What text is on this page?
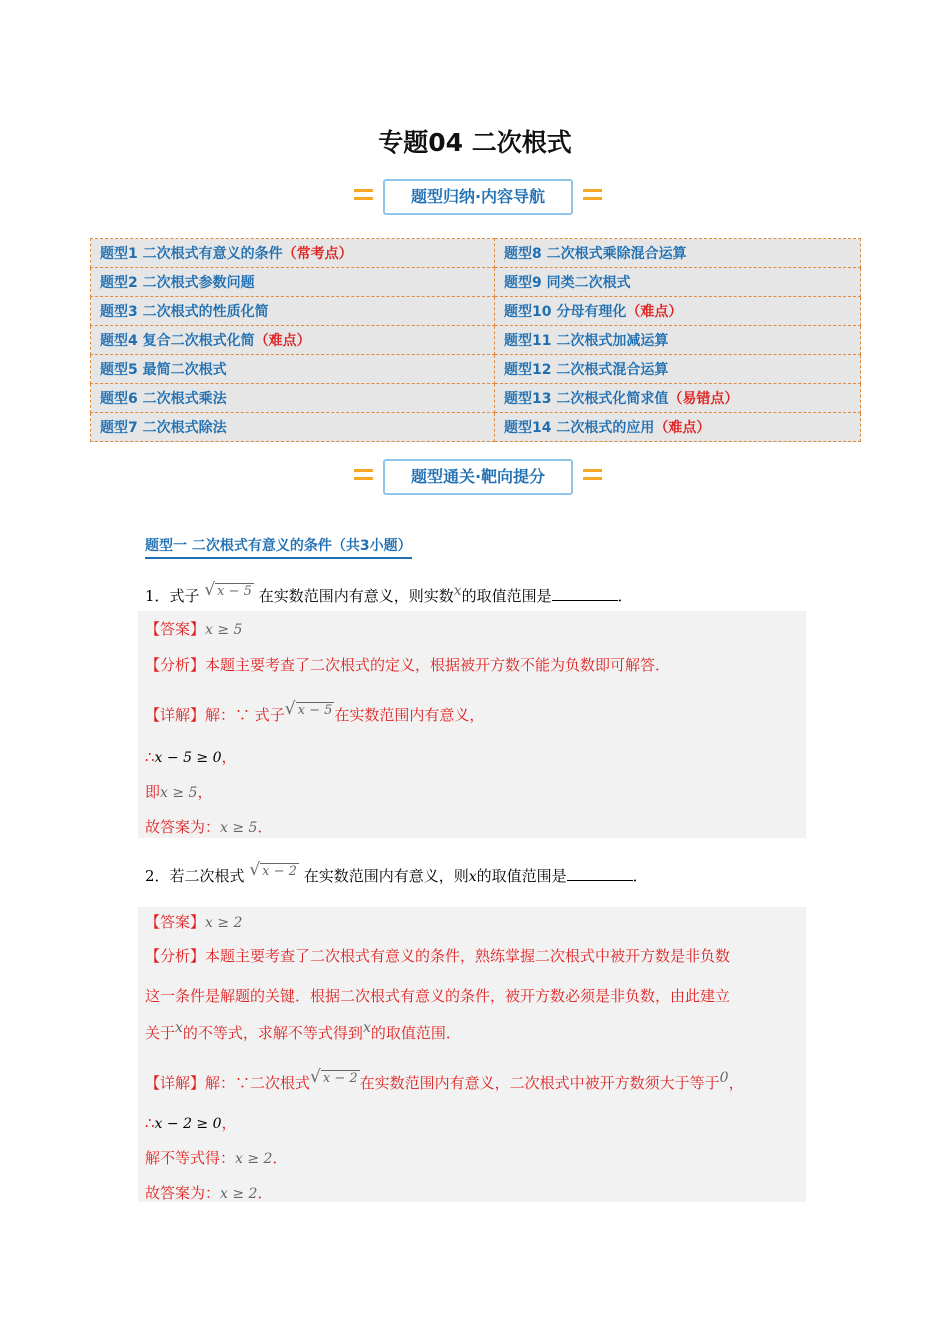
专题04 二次根式
题型归纳·内容导航
题型1 二次根式有意义的条件（常考点）	题型8 二次根式乘除混合运算
题型2 二次根式参数问题	题型9 同类二次根式
题型3 二次根式的性质化简	题型10 分母有理化（难点）
题型4 复合二次根式化简（难点）	题型11 二次根式加减运算
题型5 最简二次根式	题型12 二次根式混合运算
题型6 二次根式乘法	题型13 二次根式化简求值（易错点）
题型7 二次根式除法	题型14 二次根式的应用（难点）
题型通关·靶向提分
题型一 二次根式有意义的条件（共3小题）
1．式子 √ x − 5 在实数范围内有意义，则实数x的取值范围是	．
【答案】x ≥ 5
【分析】本题主要考查了二次根式的定义，根据被开方数不能为负数即可解答．
【详解】解：∵ 式子√ x − 5 在实数范围内有意义，
∴x − 5 ≥ 0，
即x ≥ 5，
故答案为：x ≥ 5．
2．若二次根式 √ x − 2 在实数范围内有意义，则x的取值范围是	．
【答案】x ≥ 2
【分析】本题主要考查了二次根式有意义的条件，熟练掌握二次根式中被开方数是非负数
这一条件是解题的关键．根据二次根式有意义的条件，被开方数必须是非负数，由此建立
关于x的不等式，求解不等式得到x的取值范围．
【详解】解：∵二次根式√ x − 2 在实数范围内有意义，二次根式中被开方数须大于等于0，
∴x − 2 ≥ 0，
解不等式得：x ≥ 2．
故答案为：x ≥ 2．
